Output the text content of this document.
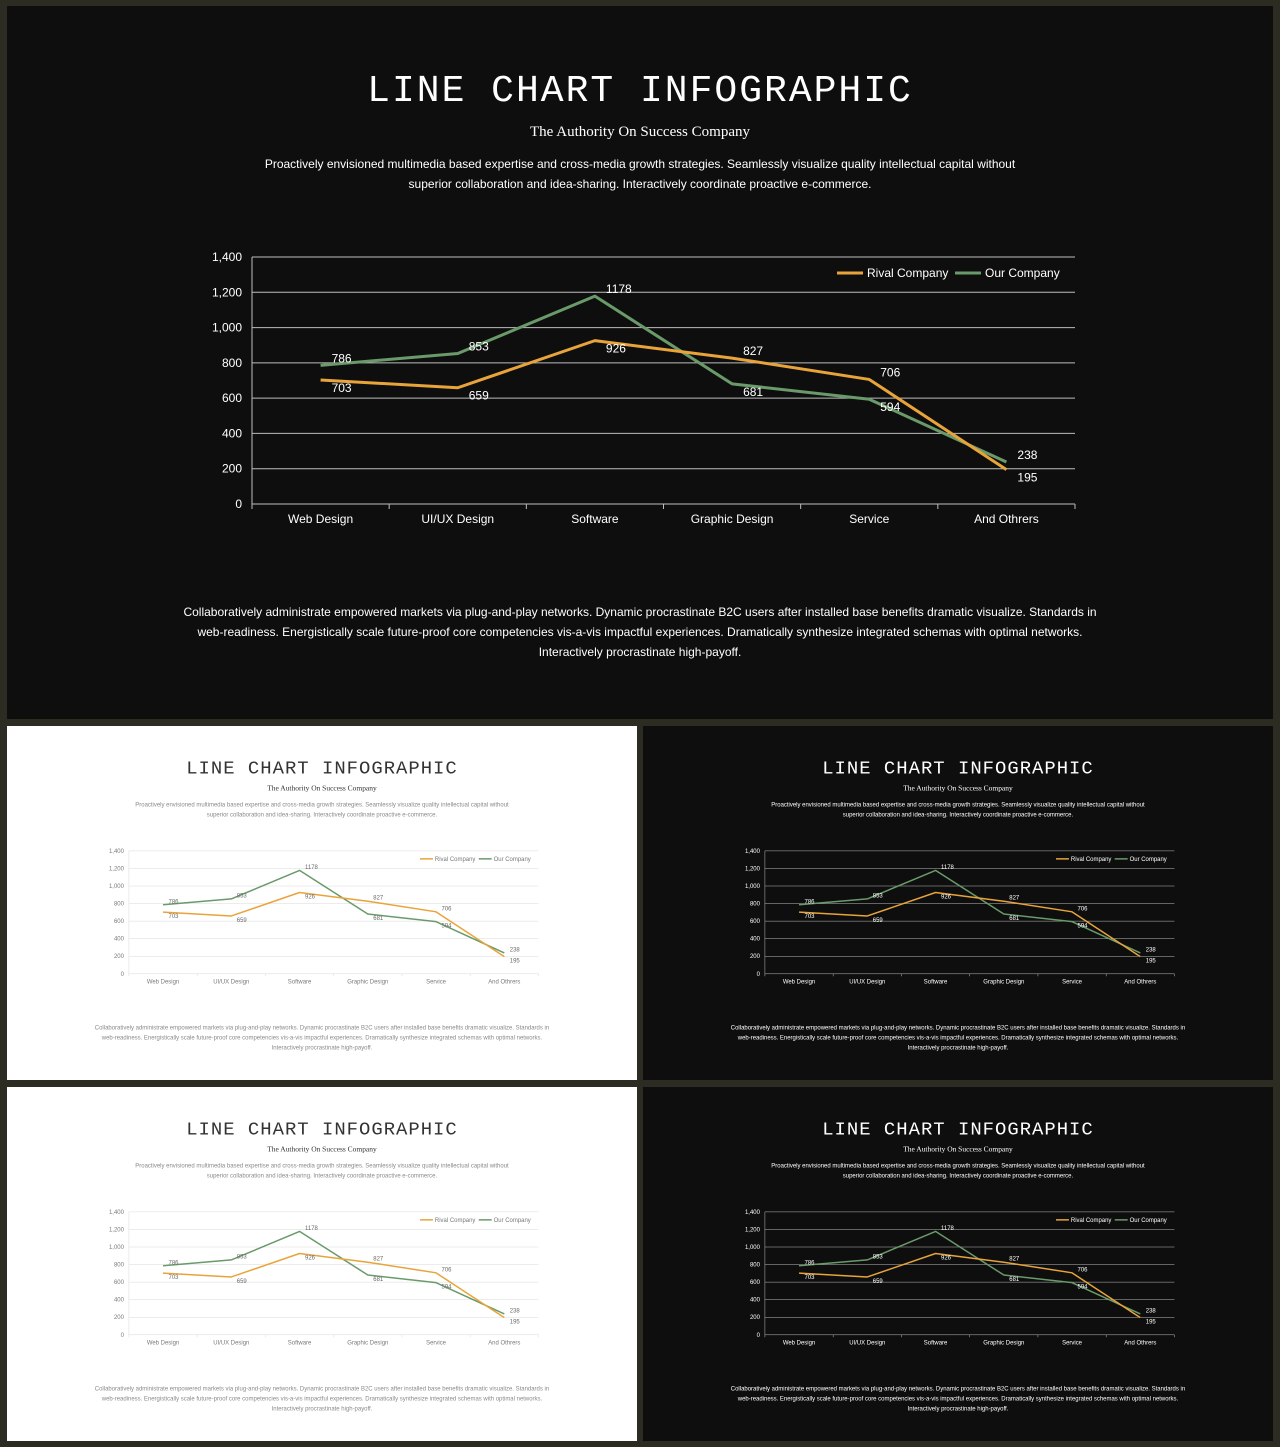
LINE CHART INFOGRAPHIC
The Authority On Success Company
Proactively envisioned multimedia based expertise and cross-media growth strategies. Seamlessly visualize quality intellectual capital without superior collaboration and idea-sharing. Interactively coordinate proactive e-commerce.
0
200
400
600
800
1,000
1,200
1,400
Web Design	UI/UX Design	Software	Graphic Design	Service	And Othrers
703
659
926	827
706
195
786
853
1178
681
594
238
Rival Company	Our Company
Collaboratively administrate empowered markets via plug-and-play networks. Dynamic procrastinate B2C users after installed base benefits dramatic visualize. Standards in web-readiness. Energistically scale future-proof core competencies vis-a-vis impactful experiences. Dramatically synthesize integrated schemas with optimal networks. Interactively procrastinate high-payoff.
LINE CHART INFOGRAPHIC
The Authority On Success Company
Proactively envisioned multimedia based expertise and cross-media growth strategies. Seamlessly visualize quality intellectual capital without superior collaboration and idea-sharing. Interactively coordinate proactive e-commerce.
0
200
400
600
800
1,000
1,200
1,400
Web Design	UI/UX Design	Software	Graphic Design	Service	And Othrers
703
659
926	827
706
195
786
853
1178
681
594
238
Rival Company Our Company
Collaboratively administrate empowered markets via plug-and-play networks. Dynamic procrastinate B2C users after installed base benefits dramatic visualize. Standards in web-readiness. Energistically scale future-proof core competencies vis-a-vis impactful experiences. Dramatically synthesize integrated schemas with optimal networks. Interactively procrastinate high-payoff.
LINE CHART INFOGRAPHIC
The Authority On Success Company
Proactively envisioned multimedia based expertise and cross-media growth strategies. Seamlessly visualize quality intellectual capital without superior collaboration and idea-sharing. Interactively coordinate proactive e-commerce.
0
200
400
600
800
1,000
1,200
1,400
Web Design	UI/UX Design	Software	Graphic Design	Service	And Othrers
703
659
926	827
706
195
786
853
1178
681
594
238
Rival Company Our Company
Collaboratively administrate empowered markets via plug-and-play networks. Dynamic procrastinate B2C users after installed base benefits dramatic visualize. Standards in web-readiness. Energistically scale future-proof core competencies vis-a-vis impactful experiences. Dramatically synthesize integrated schemas with optimal networks. Interactively procrastinate high-payoff.
LINE CHART INFOGRAPHIC
The Authority On Success Company
Proactively envisioned multimedia based expertise and cross-media growth strategies. Seamlessly visualize quality intellectual capital without superior collaboration and idea-sharing. Interactively coordinate proactive e-commerce.
0
200
400
600
800
1,000
1,200
1,400
Web Design	UI/UX Design	Software	Graphic Design	Service	And Othrers
703
659
926	827
706
195
786
853
1178
681
594
238
Rival Company Our Company
Collaboratively administrate empowered markets via plug-and-play networks. Dynamic procrastinate B2C users after installed base benefits dramatic visualize. Standards in web-readiness. Energistically scale future-proof core competencies vis-a-vis impactful experiences. Dramatically synthesize integrated schemas with optimal networks. Interactively procrastinate high-payoff.
LINE CHART INFOGRAPHIC
The Authority On Success Company
Proactively envisioned multimedia based expertise and cross-media growth strategies. Seamlessly visualize quality intellectual capital without superior collaboration and idea-sharing. Interactively coordinate proactive e-commerce.
0
200
400
600
800
1,000
1,200
1,400
Web Design	UI/UX Design	Software	Graphic Design	Service	And Othrers
703
659
926	827
706
195
786
853
1178
681
594
238
Rival Company Our Company
Collaboratively administrate empowered markets via plug-and-play networks. Dynamic procrastinate B2C users after installed base benefits dramatic visualize. Standards in web-readiness. Energistically scale future-proof core competencies vis-a-vis impactful experiences. Dramatically synthesize integrated schemas with optimal networks. Interactively procrastinate high-payoff.
